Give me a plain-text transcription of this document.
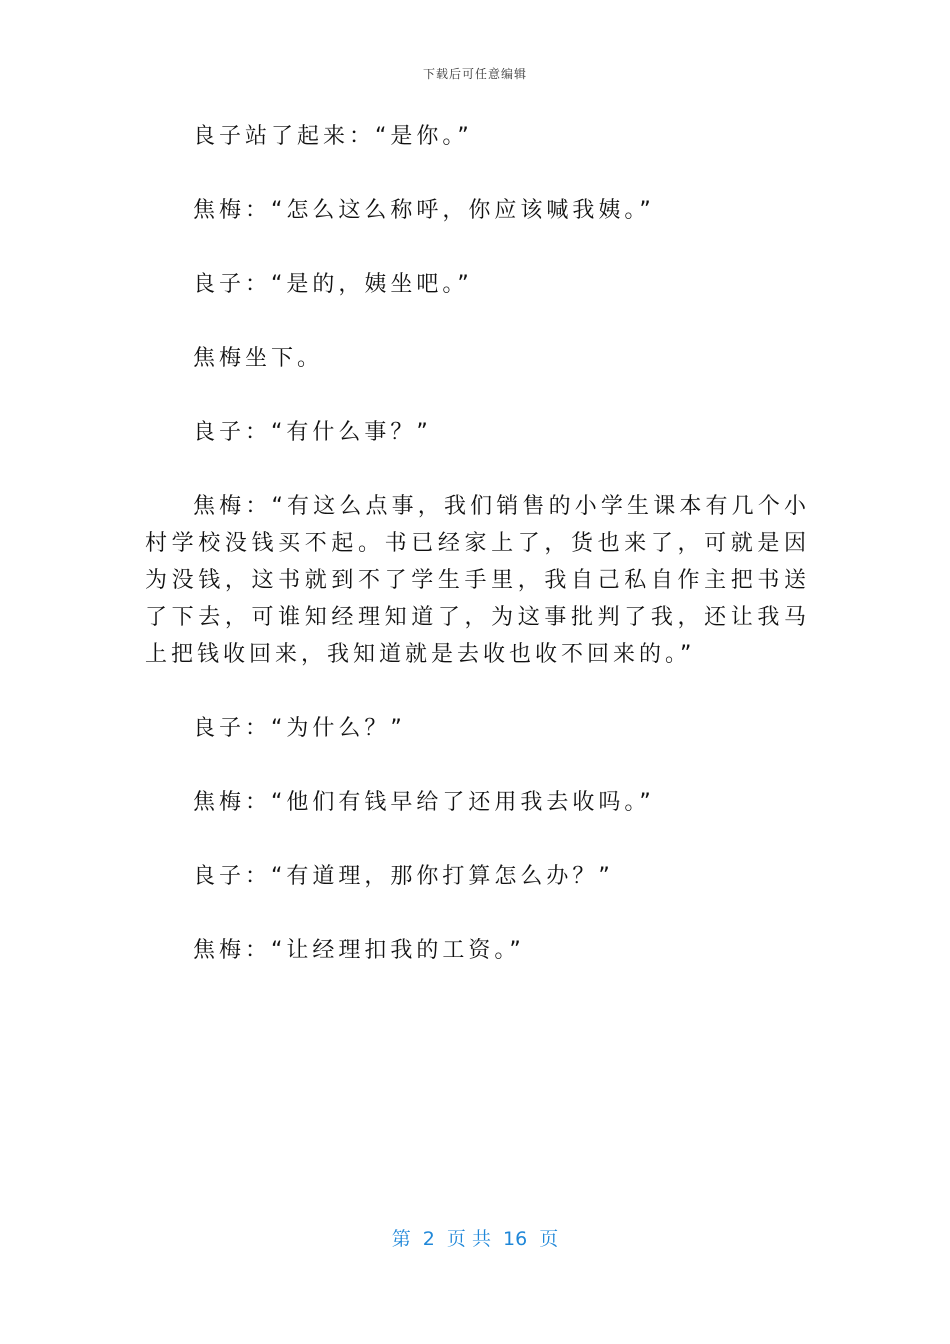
下载后可任意编辑

良子站了起来：“是你。”

焦梅：“怎么这么称呼，你应该喊我姨。”

良子：“是的，姨坐吧。”

焦梅坐下。

良子：“有什么事？”

焦梅：“有这么点事，我们销售的小学生课本有几个小村学校没钱买不起。书已经家上了，货也来了，可就是因为没钱，这书就到不了学生手里，我自己私自作主把书送了下去，可谁知经理知道了，为这事批判了我，还让我马上把钱收回来，我知道就是去收也收不回来的。”

良子：“为什么？”

焦梅：“他们有钱早给了还用我去收吗。”

良子：“有道理，那你打算怎么办？”

焦梅：“让经理扣我的工资。”

第  2  页 共  16  页
